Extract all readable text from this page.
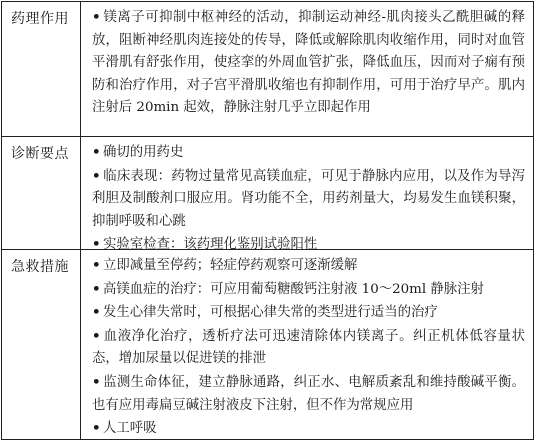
药理作用	• 镁离子可抑制中枢神经的活动，抑制运动神经-肌肉接头乙酰胆碱的释放，阻断神经肌肉连接处的传导，降低或解除肌肉收缩作用，同时对血管平滑肌有舒张作用，使痉挛的外周血管扩张，降低血压，因而对子痫有预防和治疗作用，对子宫平滑肌收缩也有抑制作用，可用于治疗早产。肌内注射后 20min 起效，静脉注射几乎立即起作用

诊断要点	• 确切的用药史

• 临床表现：药物过量常见高镁血症，可见于静脉内应用，以及作为导泻利胆及制酸剂口服应用。肾功能不全，用药剂量大，均易发生血镁积聚，抑制呼吸和心跳

• 实验室检查：该药理化鉴别试验阳性

急救措施	• 立即减量至停药；轻症停药观察可逐渐缓解

• 高镁血症的治疗：可应用葡萄糖酸钙注射液 10～20ml 静脉注射

• 发生心律失常时，可根据心律失常的类型进行适当的治疗

• 血液净化治疗，透析疗法可迅速清除体内镁离子。纠正机体低容量状态，增加尿量以促进镁的排泄

• 监测生命体征，建立静脉通路，纠正水、电解质紊乱和维持酸碱平衡。也有应用毒扁豆碱注射液皮下注射，但不作为常规应用

• 人工呼吸
